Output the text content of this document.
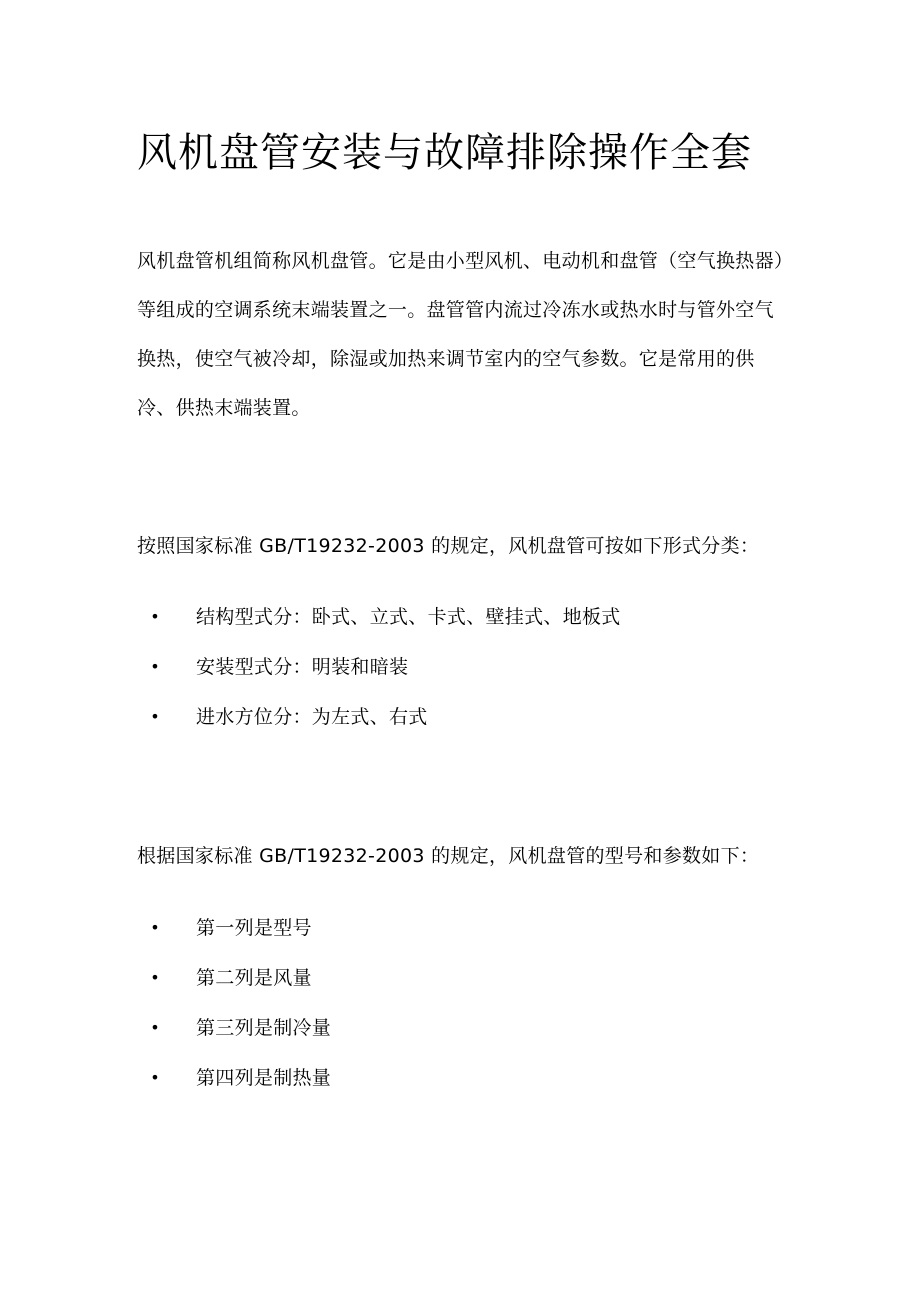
风机盘管安装与故障排除操作全套

风机盘管机组简称风机盘管。它是由小型风机、电动机和盘管（空气换热器）等组成的空调系统末端装置之一。盘管管内流过冷冻水或热水时与管外空气换热，使空气被冷却，除湿或加热来调节室内的空气参数。它是常用的供冷、供热末端装置。

按照国家标准 GB/T19232-2003 的规定，风机盘管可按如下形式分类：

• 结构型式分：卧式、立式、卡式、壁挂式、地板式
• 安装型式分：明装和暗装
• 进水方位分：为左式、右式

根据国家标准 GB/T19232-2003 的规定，风机盘管的型号和参数如下：

• 第一列是型号
• 第二列是风量
• 第三列是制冷量
• 第四列是制热量
